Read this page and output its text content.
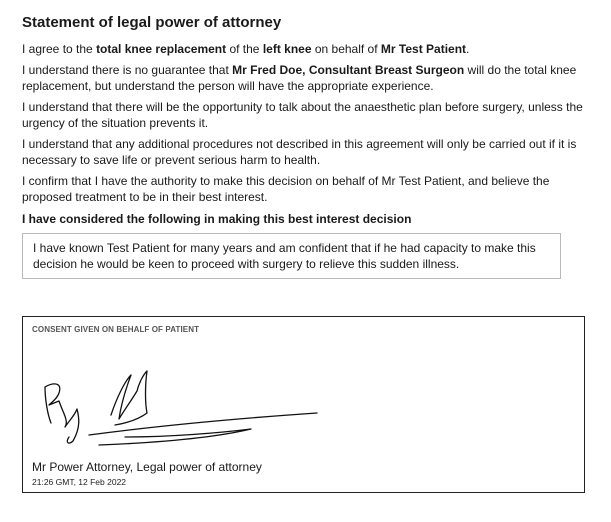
Statement of legal power of attorney

I agree to the total knee replacement of the left knee on behalf of Mr Test Patient.

I understand there is no guarantee that Mr Fred Doe, Consultant Breast Surgeon will do the total knee replacement, but understand the person will have the appropriate experience.

I understand that there will be the opportunity to talk about the anaesthetic plan before surgery, unless the urgency of the situation prevents it.

I understand that any additional procedures not described in this agreement will only be carried out if it is necessary to save life or prevent serious harm to health.

I confirm that I have the authority to make this decision on behalf of Mr Test Patient, and believe the proposed treatment to be in their best interest.

I have considered the following in making this best interest decision
I have known Test Patient for many years and am confident that if he had capacity to make this decision he would be keen to proceed with surgery to relieve this sudden illness.
CONSENT GIVEN ON BEHALF OF PATIENT
Mr Power Attorney, Legal power of attorney
21:26 GMT, 12 Feb 2022
